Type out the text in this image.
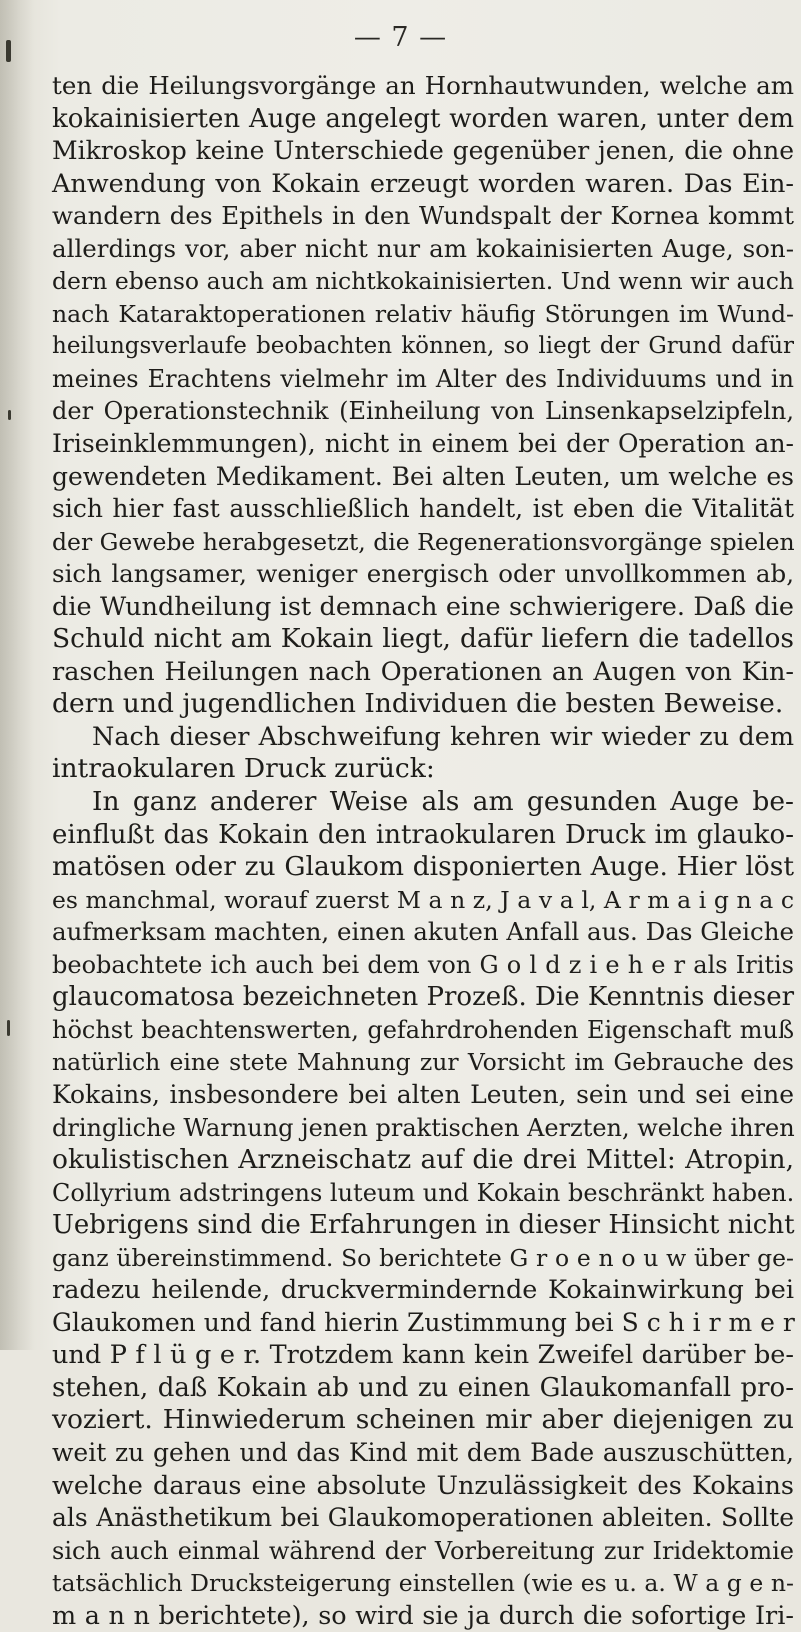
— 7 —
ten die Heilungsvorgänge an Hornhautwunden, welche am
kokainisierten Auge angelegt worden waren, unter dem
Mikroskop keine Unterschiede gegenüber jenen, die ohne
Anwendung von Kokain erzeugt worden waren. Das Ein-
wandern des Epithels in den Wundspalt der Kornea kommt
allerdings vor, aber nicht nur am kokainisierten Auge, son-
dern ebenso auch am nichtkokainisierten. Und wenn wir auch
nach Kataraktoperationen relativ häufig Störungen im Wund-
heilungsverlaufe beobachten können, so liegt der Grund dafür
meines Erachtens vielmehr im Alter des Individuums und in
der Operationstechnik (Einheilung von Linsenkapselzipfeln,
Iriseinklemmungen), nicht in einem bei der Operation an-
gewendeten Medikament. Bei alten Leuten, um welche es
sich hier fast ausschließlich handelt, ist eben die Vitalität
der Gewebe herabgesetzt, die Regenerationsvorgänge spielen
sich langsamer, weniger energisch oder unvollkommen ab,
die Wundheilung ist demnach eine schwierigere. Daß die
Schuld nicht am Kokain liegt, dafür liefern die tadellos
raschen Heilungen nach Operationen an Augen von Kin-
dern und jugendlichen Individuen die besten Beweise.
Nach dieser Abschweifung kehren wir wieder zu dem
intraokularen Druck zurück:
In ganz anderer Weise als am gesunden Auge be-
einflußt das Kokain den intraokularen Druck im glauko-
matösen oder zu Glaukom disponierten Auge. Hier löst
es manchmal, worauf zuerst M a n z, J a v a l, A r m a i g n a c
aufmerksam machten, einen akuten Anfall aus. Das Gleiche
beobachtete ich auch bei dem von G o l d z i e h e r als Iritis
glaucomatosa bezeichneten Prozeß. Die Kenntnis dieser
höchst beachtenswerten, gefahrdrohenden Eigenschaft muß
natürlich eine stete Mahnung zur Vorsicht im Gebrauche des
Kokains, insbesondere bei alten Leuten, sein und sei eine
dringliche Warnung jenen praktischen Aerzten, welche ihren
okulistischen Arzneischatz auf die drei Mittel: Atropin,
Collyrium adstringens luteum und Kokain beschränkt haben.
Uebrigens sind die Erfahrungen in dieser Hinsicht nicht
ganz übereinstimmend. So berichtete G r o e n o u w über ge-
radezu heilende, druckvermindernde Kokainwirkung bei
Glaukomen und fand hierin Zustimmung bei S c h i r m e r
und P f l ü g e r. Trotzdem kann kein Zweifel darüber be-
stehen, daß Kokain ab und zu einen Glaukomanfall pro-
voziert. Hinwiederum scheinen mir aber diejenigen zu
weit zu gehen und das Kind mit dem Bade auszuschütten,
welche daraus eine absolute Unzulässigkeit des Kokains
als Anästhetikum bei Glaukomoperationen ableiten. Sollte
sich auch einmal während der Vorbereitung zur Iridektomie
tatsächlich Drucksteigerung einstellen (wie es u. a. W a g e n-
m a n n berichtete), so wird sie ja durch die sofortige Iri-
